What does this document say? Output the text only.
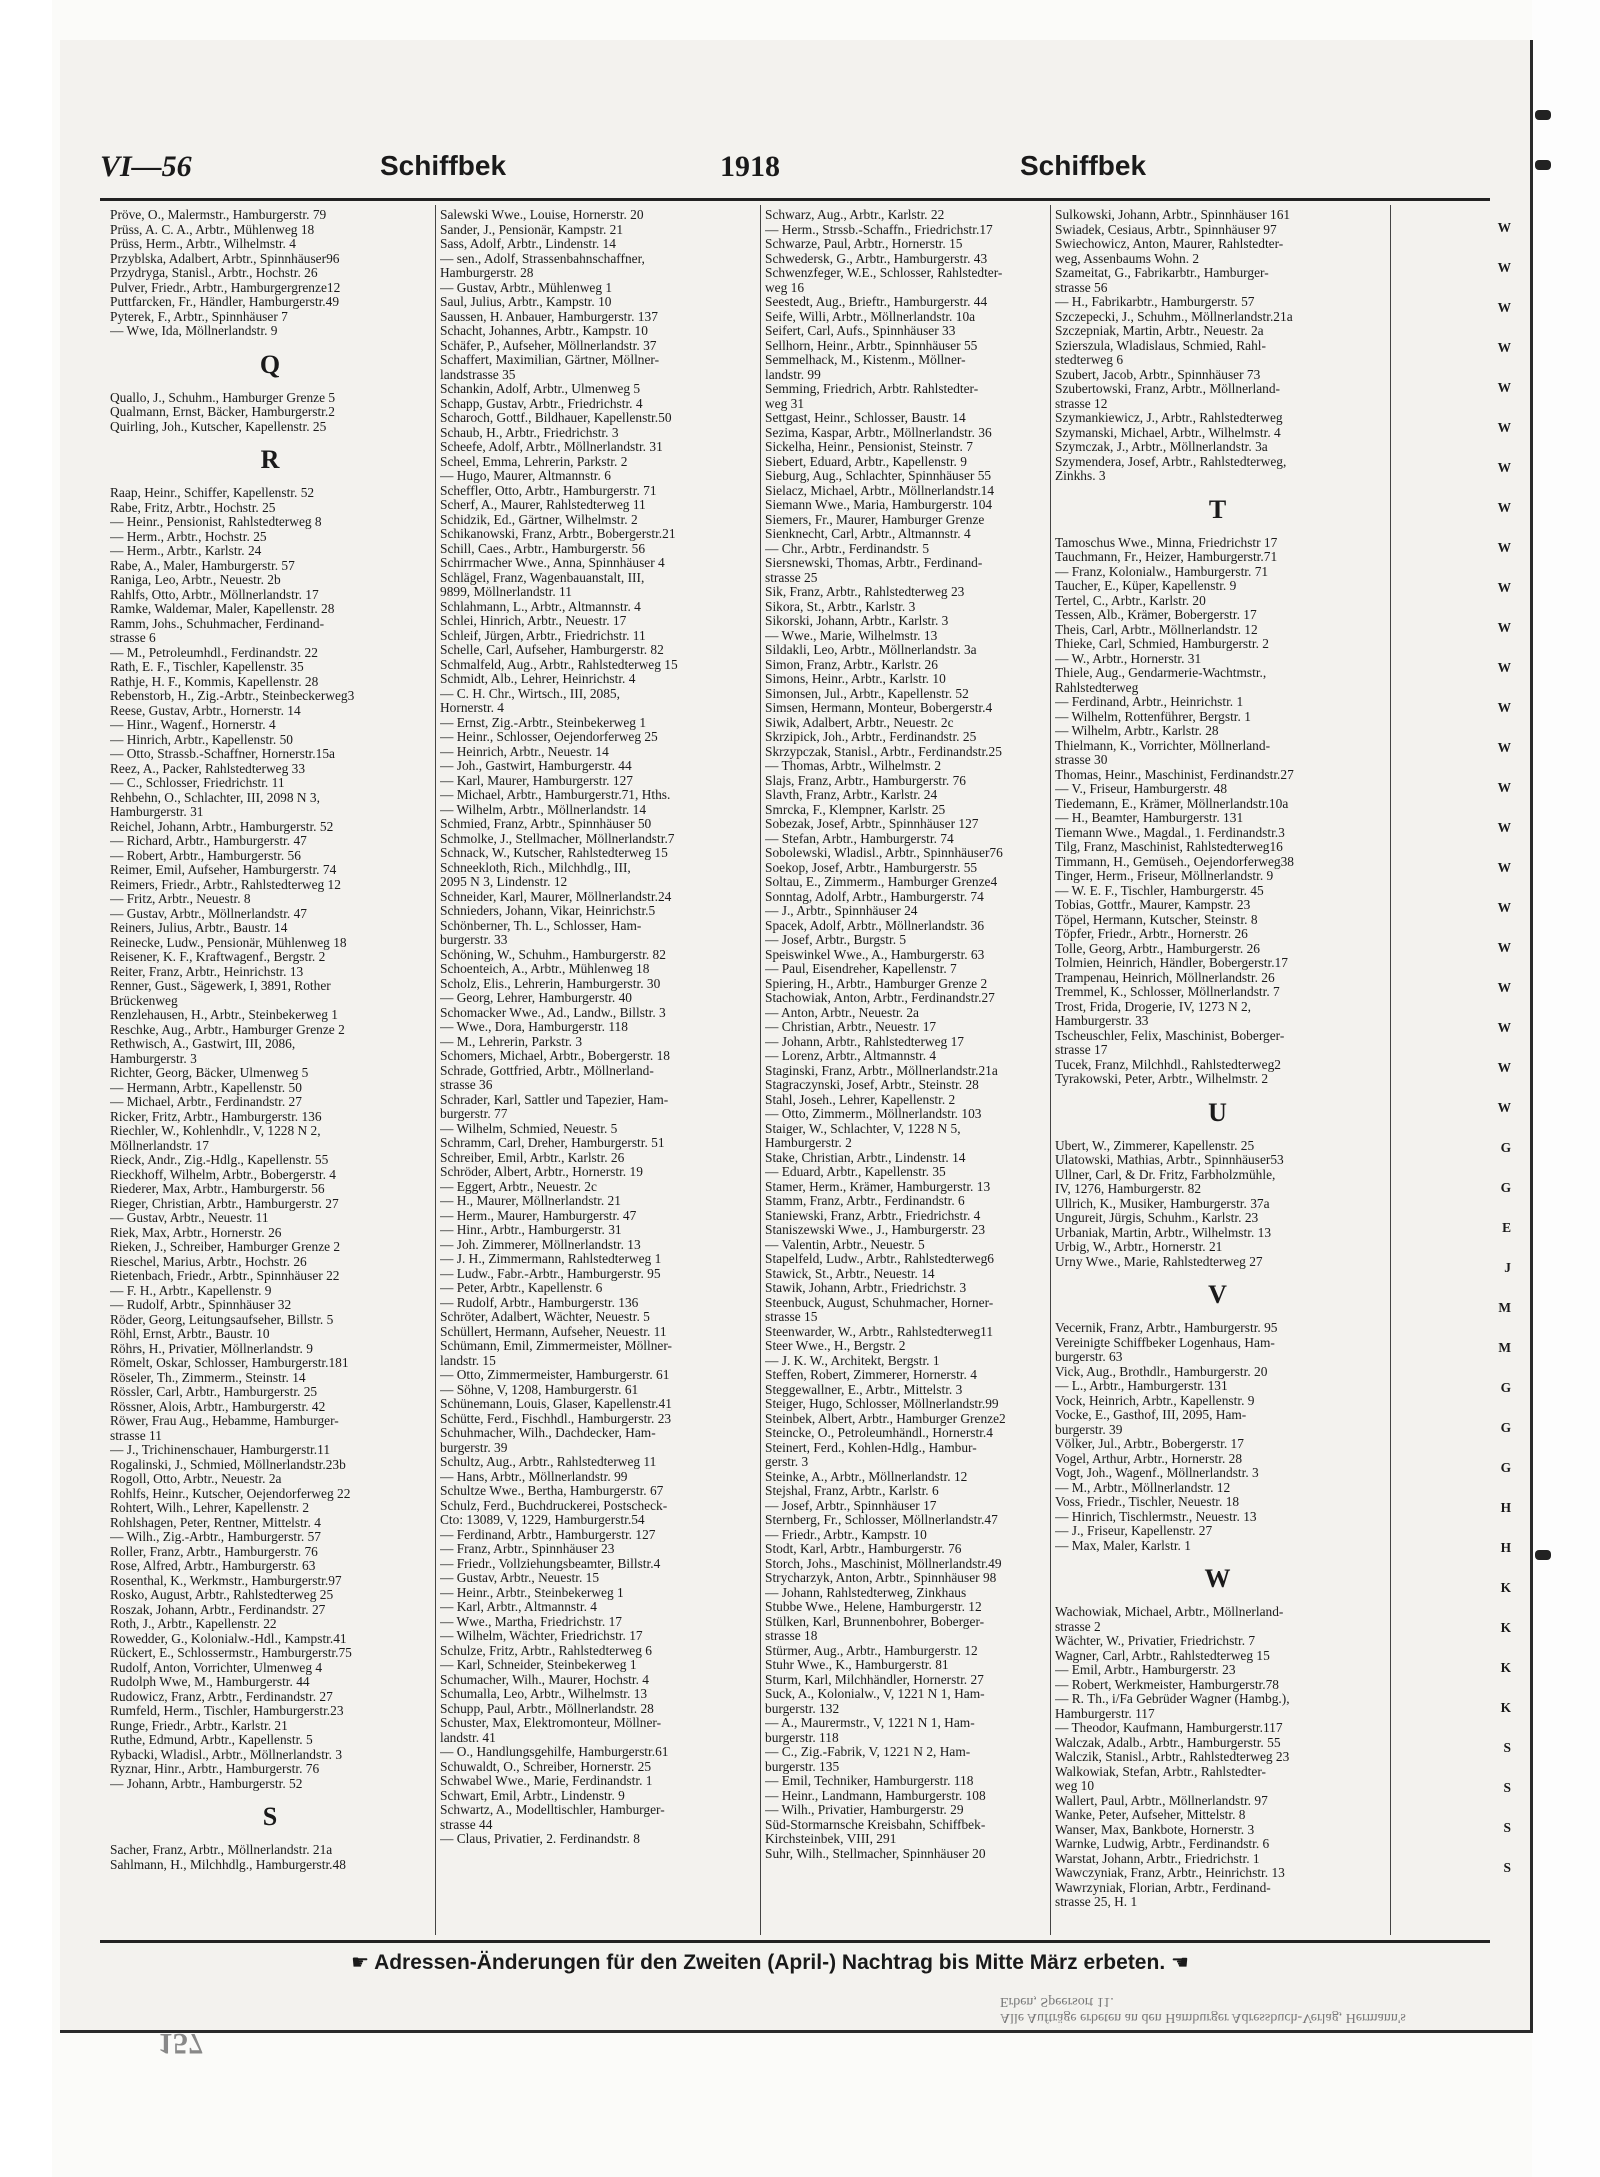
VI—56	Schiffbek	1918	Schiffbek
Pröve, O., Malermstr., Hamburgerstr. 79
Prüss, A. C. A., Arbtr., Mühlenweg 18
Prüss, Herm., Arbtr., Wilhelmstr. 4
Przyblska, Adalbert, Arbtr., Spinnhäuser96
Przydryga, Stanisl., Arbtr., Hochstr. 26
Pulver, Friedr., Arbtr., Hamburgergrenze12
Puttfarcken, Fr., Händler, Hamburgerstr.49
Pyterek, F., Arbtr., Spinnhäuser 7
— Wwe, Ida, Möllnerlandstr. 9
Q
Quallo, J., Schuhm., Hamburger Grenze 5
Qualmann, Ernst, Bäcker, Hamburgerstr.2
Quirling, Joh., Kutscher, Kapellenstr. 25
R
Raap, Heinr., Schiffer, Kapellenstr. 52
Rabe, Fritz, Arbtr., Hochstr. 25
— Heinr., Pensionist, Rahlstedterweg 8
— Herm., Arbtr., Hochstr. 25
— Herm., Arbtr., Karlstr. 24
Rabe, A., Maler, Hamburgerstr. 57
Raniga, Leo, Arbtr., Neuestr. 2b
Rahlfs, Otto, Arbtr., Möllnerlandstr. 17
Ramke, Waldemar, Maler, Kapellenstr. 28
Ramm, Johs., Schuhmacher, Ferdinand-
strasse 6
— M., Petroleumhdl., Ferdinandstr. 22
Rath, E. F., Tischler, Kapellenstr. 35
Rathje, H. F., Kommis, Kapellenstr. 28
Rebenstorb, H., Zig.-Arbtr., Steinbeckerweg3
Reese, Gustav, Arbtr., Hornerstr. 14
— Hinr., Wagenf., Hornerstr. 4
— Hinrich, Arbtr., Kapellenstr. 50
— Otto, Strassb.-Schaffner, Hornerstr.15a
Reez, A., Packer, Rahlstedterweg 33
— C., Schlosser, Friedrichstr. 11
Rehbehn, O., Schlachter, III, 2098 N 3,
Hamburgerstr. 31
Reichel, Johann, Arbtr., Hamburgerstr. 52
— Richard, Arbtr., Hamburgerstr. 47
— Robert, Arbtr., Hamburgerstr. 56
Reimer, Emil, Aufseher, Hamburgerstr. 74
Reimers, Friedr., Arbtr., Rahlstedterweg 12
— Fritz, Arbtr., Neuestr. 8
— Gustav, Arbtr., Möllnerlandstr. 47
Reiners, Julius, Arbtr., Baustr. 14
Reinecke, Ludw., Pensionär, Mühlenweg 18
Reisener, K. F., Kraftwagenf., Bergstr. 2
Reiter, Franz, Arbtr., Heinrichstr. 13
Renner, Gust., Sägewerk, I, 3891, Rother
Brückenweg
Renzlehausen, H., Arbtr., Steinbekerweg 1
Reschke, Aug., Arbtr., Hamburger Grenze 2
Rethwisch, A., Gastwirt, III, 2086,
Hamburgerstr. 3
Richter, Georg, Bäcker, Ulmenweg 5
— Hermann, Arbtr., Kapellenstr. 50
— Michael, Arbtr., Ferdinandstr. 27
Ricker, Fritz, Arbtr., Hamburgerstr. 136
Riechler, W., Kohlenhdlr., V, 1228 N 2,
Möllnerlandstr. 17
Rieck, Andr., Zig.-Hdlg., Kapellenstr. 55
Rieckhoff, Wilhelm, Arbtr., Bobergerstr. 4
Riederer, Max, Arbtr., Hamburgerstr. 56
Rieger, Christian, Arbtr., Hamburgerstr. 27
— Gustav, Arbtr., Neuestr. 11
Riek, Max, Arbtr., Hornerstr. 26
Rieken, J., Schreiber, Hamburger Grenze 2
Rieschel, Marius, Arbtr., Hochstr. 26
Rietenbach, Friedr., Arbtr., Spinnhäuser 22
— F. H., Arbtr., Kapellenstr. 9
— Rudolf, Arbtr., Spinnhäuser 32
Röder, Georg, Leitungsaufseher, Billstr. 5
Röhl, Ernst, Arbtr., Baustr. 10
Röhrs, H., Privatier, Möllnerlandstr. 9
Römelt, Oskar, Schlosser, Hamburgerstr.181
Röseler, Th., Zimmerm., Steinstr. 14
Rössler, Carl, Arbtr., Hamburgerstr. 25
Rössner, Alois, Arbtr., Hamburgerstr. 42
Röwer, Frau Aug., Hebamme, Hamburger-
strasse 11
— J., Trichinenschauer, Hamburgerstr.11
Rogalinski, J., Schmied, Möllnerlandstr.23b
Rogoll, Otto, Arbtr., Neuestr. 2a
Rohlfs, Heinr., Kutscher, Oejendorferweg 22
Rohtert, Wilh., Lehrer, Kapellenstr. 2
Rohlshagen, Peter, Rentner, Mittelstr. 4
— Wilh., Zig.-Arbtr., Hamburgerstr. 57
Roller, Franz, Arbtr., Hamburgerstr. 76
Rose, Alfred, Arbtr., Hamburgerstr. 63
Rosenthal, K., Werkmstr., Hamburgerstr.97
Rosko, August, Arbtr., Rahlstedterweg 25
Roszak, Johann, Arbtr., Ferdinandstr. 27
Roth, J., Arbtr., Kapellenstr. 22
Rowedder, G., Kolonialw.-Hdl., Kampstr.41
Rückert, E., Schlossermstr., Hamburgerstr.75
Rudolf, Anton, Vorrichter, Ulmenweg 4
Rudolph Wwe, M., Hamburgerstr. 44
Rudowicz, Franz, Arbtr., Ferdinandstr. 27
Rumfeld, Herm., Tischler, Hamburgerstr.23
Runge, Friedr., Arbtr., Karlstr. 21
Ruthe, Edmund, Arbtr., Kapellenstr. 5
Rybacki, Wladisl., Arbtr., Möllnerlandstr. 3
Ryznar, Hinr., Arbtr., Hamburgerstr. 76
— Johann, Arbtr., Hamburgerstr. 52
S
Sacher, Franz, Arbtr., Möllnerlandstr. 21a
Sahlmann, H., Milchhdlg., Hamburgerstr.48
Salewski Wwe., Louise, Hornerstr. 20
Sander, J., Pensionär, Kampstr. 21
Sass, Adolf, Arbtr., Lindenstr. 14
— sen., Adolf, Strassenbahnschaffner,
Hamburgerstr. 28
— Gustav, Arbtr., Mühlenweg 1
Saul, Julius, Arbtr., Kampstr. 10
Saussen, H. Anbauer, Hamburgerstr. 137
Schacht, Johannes, Arbtr., Kampstr. 10
Schäfer, P., Aufseher, Möllnerlandstr. 37
Schaffert, Maximilian, Gärtner, Möllner-
landstrasse 35
Schankin, Adolf, Arbtr., Ulmenweg 5
Schapp, Gustav, Arbtr., Friedrichstr. 4
Scharoch, Gottf., Bildhauer, Kapellenstr.50
Schaub, H., Arbtr., Friedrichstr. 3
Scheefe, Adolf, Arbtr., Möllnerlandstr. 31
Scheel, Emma, Lehrerin, Parkstr. 2
— Hugo, Maurer, Altmannstr. 6
Scheffler, Otto, Arbtr., Hamburgerstr. 71
Scherf, A., Maurer, Rahlstedterweg 11
Schidzik, Ed., Gärtner, Wilhelmstr. 2
Schikanowski, Franz, Arbtr., Bobergerstr.21
Schill, Caes., Arbtr., Hamburgerstr. 56
Schirrmacher Wwe., Anna, Spinnhäuser 4
Schlägel, Franz, Wagenbauanstalt, III,
9899, Möllnerlandstr. 11
Schlahmann, L., Arbtr., Altmannstr. 4
Schlei, Hinrich, Arbtr., Neuestr. 17
Schleif, Jürgen, Arbtr., Friedrichstr. 11
Schelle, Carl, Aufseher, Hamburgerstr. 82
Schmalfeld, Aug., Arbtr., Rahlstedterweg 15
Schmidt, Alb., Lehrer, Heinrichstr. 4
— C. H. Chr., Wirtsch., III, 2085,
Hornerstr. 4
— Ernst, Zig.-Arbtr., Steinbekerweg 1
— Heinr., Schlosser, Oejendorferweg 25
— Heinrich, Arbtr., Neuestr. 14
— Joh., Gastwirt, Hamburgerstr. 44
— Karl, Maurer, Hamburgerstr. 127
— Michael, Arbtr., Hamburgerstr.71, Hths.
— Wilhelm, Arbtr., Möllnerlandstr. 14
Schmied, Franz, Arbtr., Spinnhäuser 50
Schmolke, J., Stellmacher, Möllnerlandstr.7
Schnack, W., Kutscher, Rahlstedterweg 15
Schneekloth, Rich., Milchhdlg., III,
2095 N 3, Lindenstr. 12
Schneider, Karl, Maurer, Möllnerlandstr.24
Schnieders, Johann, Vikar, Heinrichstr.5
Schönberner, Th. L., Schlosser, Ham-
burgerstr. 33
Schöning, W., Schuhm., Hamburgerstr. 82
Schoenteich, A., Arbtr., Mühlenweg 18
Scholz, Elis., Lehrerin, Hamburgerstr. 30
— Georg, Lehrer, Hamburgerstr. 40
Schomacker Wwe., Ad., Landw., Billstr. 3
— Wwe., Dora, Hamburgerstr. 118
— M., Lehrerin, Parkstr. 3
Schomers, Michael, Arbtr., Bobergerstr. 18
Schrade, Gottfried, Arbtr., Möllnerland-
strasse 36
Schrader, Karl, Sattler und Tapezier, Ham-
burgerstr. 77
— Wilhelm, Schmied, Neuestr. 5
Schramm, Carl, Dreher, Hamburgerstr. 51
Schreiber, Emil, Arbtr., Karlstr. 26
Schröder, Albert, Arbtr., Hornerstr. 19
— Eggert, Arbtr., Neuestr. 2c
— H., Maurer, Möllnerlandstr. 21
— Herm., Maurer, Hamburgerstr. 47
— Hinr., Arbtr., Hamburgerstr. 31
— Joh. Zimmerer, Möllnerlandstr. 13
— J. H., Zimmermann, Rahlstedterweg 1
— Ludw., Fabr.-Arbtr., Hamburgerstr. 95
— Peter, Arbtr., Kapellenstr. 6
— Rudolf, Arbtr., Hamburgerstr. 136
Schröter, Adalbert, Wächter, Neuestr. 5
Schüllert, Hermann, Aufseher, Neuestr. 11
Schümann, Emil, Zimmermeister, Möllner-
landstr. 15
— Otto, Zimmermeister, Hamburgerstr. 61
— Söhne, V, 1208, Hamburgerstr. 61
Schünemann, Louis, Glaser, Kapellenstr.41
Schütte, Ferd., Fischhdl., Hamburgerstr. 23
Schuhmacher, Wilh., Dachdecker, Ham-
burgerstr. 39
Schultz, Aug., Arbtr., Rahlstedterweg 11
— Hans, Arbtr., Möllnerlandstr. 99
Schultze Wwe., Bertha, Hamburgerstr. 67
Schulz, Ferd., Buchdruckerei, Postscheck-
Cto: 13089, V, 1229, Hamburgerstr.54
— Ferdinand, Arbtr., Hamburgerstr. 127
— Franz, Arbtr., Spinnhäuser 23
— Friedr., Vollziehungsbeamter, Billstr.4
— Gustav, Arbtr., Neuestr. 15
— Heinr., Arbtr., Steinbekerweg 1
— Karl, Arbtr., Altmannstr. 4
— Wwe., Martha, Friedrichstr. 17
— Wilhelm, Wächter, Friedrichstr. 17
Schulze, Fritz, Arbtr., Rahlstedterweg 6
— Karl, Schneider, Steinbekerweg 1
Schumacher, Wilh., Maurer, Hochstr. 4
Schumalla, Leo, Arbtr., Wilhelmstr. 13
Schupp, Paul, Arbtr., Möllnerlandstr. 28
Schuster, Max, Elektromonteur, Möllner-
landstr. 41
— O., Handlungsgehilfe, Hamburgerstr.61
Schuwaldt, O., Schreiber, Hornerstr. 25
Schwabel Wwe., Marie, Ferdinandstr. 1
Schwart, Emil, Arbtr., Lindenstr. 9
Schwartz, A., Modelltischler, Hamburger-
strasse 44
— Claus, Privatier, 2. Ferdinandstr. 8
Schwarz, Aug., Arbtr., Karlstr. 22
— Herm., Strssb.-Schaffn., Friedrichstr.17
Schwarze, Paul, Arbtr., Hornerstr. 15
Schwedersk, G., Arbtr., Hamburgerstr. 43
Schwenzfeger, W.E., Schlosser, Rahlstedter-
weg 16
Seestedt, Aug., Brieftr., Hamburgerstr. 44
Seife, Willi, Arbtr., Möllnerlandstr. 10a
Seifert, Carl, Aufs., Spinnhäuser 33
Sellhorn, Heinr., Arbtr., Spinnhäuser 55
Semmelhack, M., Kistenm., Möllner-
landstr. 99
Semming, Friedrich, Arbtr. Rahlstedter-
weg 31
Settgast, Heinr., Schlosser, Baustr. 14
Sezima, Kaspar, Arbtr., Möllnerlandstr. 36
Sickelha, Heinr., Pensionist, Steinstr. 7
Siebert, Eduard, Arbtr., Kapellenstr. 9
Sieburg, Aug., Schlachter, Spinnhäuser 55
Sielacz, Michael, Arbtr., Möllnerlandstr.14
Siemann Wwe., Maria, Hamburgerstr. 104
Siemers, Fr., Maurer, Hamburger Grenze
Sienknecht, Carl, Arbtr., Altmannstr. 4
— Chr., Arbtr., Ferdinandstr. 5
Siersnewski, Thomas, Arbtr., Ferdinand-
strasse 25
Sik, Franz, Arbtr., Rahlstedterweg 23
Sikora, St., Arbtr., Karlstr. 3
Sikorski, Johann, Arbtr., Karlstr. 3
— Wwe., Marie, Wilhelmstr. 13
Sildakli, Leo, Arbtr., Möllnerlandstr. 3a
Simon, Franz, Arbtr., Karlstr. 26
Simons, Heinr., Arbtr., Karlstr. 10
Simonsen, Jul., Arbtr., Kapellenstr. 52
Simsen, Hermann, Monteur, Bobergerstr.4
Siwik, Adalbert, Arbtr., Neuestr. 2c
Skrzipick, Joh., Arbtr., Ferdinandstr. 25
Skrzypczak, Stanisl., Arbtr., Ferdinandstr.25
— Thomas, Arbtr., Wilhelmstr. 2
Slajs, Franz, Arbtr., Hamburgerstr. 76
Slavth, Franz, Arbtr., Karlstr. 24
Smrcka, F., Klempner, Karlstr. 25
Sobezak, Josef, Arbtr., Spinnhäuser 127
— Stefan, Arbtr., Hamburgerstr. 74
Sobolewski, Wladisl., Arbtr., Spinnhäuser76
Soekop, Josef, Arbtr., Hamburgerstr. 55
Soltau, E., Zimmerm., Hamburger Grenze4
Sonntag, Adolf, Arbtr., Hamburgerstr. 74
— J., Arbtr., Spinnhäuser 24
Spacek, Adolf, Arbtr., Möllnerlandstr. 36
— Josef, Arbtr., Burgstr. 5
Speiswinkel Wwe., A., Hamburgerstr. 63
— Paul, Eisendreher, Kapellenstr. 7
Spiering, H., Arbtr., Hamburger Grenze 2
Stachowiak, Anton, Arbtr., Ferdinandstr.27
— Anton, Arbtr., Neuestr. 2a
— Christian, Arbtr., Neuestr. 17
— Johann, Arbtr., Rahlstedterweg 17
— Lorenz, Arbtr., Altmannstr. 4
Staginski, Franz, Arbtr., Möllnerlandstr.21a
Stagraczynski, Josef, Arbtr., Steinstr. 28
Stahl, Joseh., Lehrer, Kapellenstr. 2
— Otto, Zimmerm., Möllnerlandstr. 103
Staiger, W., Schlachter, V, 1228 N 5,
Hamburgerstr. 2
Stake, Christian, Arbtr., Lindenstr. 14
— Eduard, Arbtr., Kapellenstr. 35
Stamer, Herm., Krämer, Hamburgerstr. 13
Stamm, Franz, Arbtr., Ferdinandstr. 6
Staniewski, Franz, Arbtr., Friedrichstr. 4
Staniszewski Wwe., J., Hamburgerstr. 23
— Valentin, Arbtr., Neuestr. 5
Stapelfeld, Ludw., Arbtr., Rahlstedterweg6
Stawick, St., Arbtr., Neuestr. 14
Stawik, Johann, Arbtr., Friedrichstr. 3
Steenbuck, August, Schuhmacher, Horner-
strasse 15
Steenwarder, W., Arbtr., Rahlstedterweg11
Steer Wwe., H., Bergstr. 2
— J. K. W., Architekt, Bergstr. 1
Steffen, Robert, Zimmerer, Hornerstr. 4
Steggewallner, E., Arbtr., Mittelstr. 3
Steiger, Hugo, Schlosser, Möllnerlandstr.99
Steinbek, Albert, Arbtr., Hamburger Grenze2
Steincke, O., Petroleumhändl., Hornerstr.4
Steinert, Ferd., Kohlen-Hdlg., Hambur-
gerstr. 3
Steinke, A., Arbtr., Möllnerlandstr. 12
Stejshal, Franz, Arbtr., Karlstr. 6
— Josef, Arbtr., Spinnhäuser 17
Sternberg, Fr., Schlosser, Möllnerlandstr.47
— Friedr., Arbtr., Kampstr. 10
Stodt, Karl, Arbtr., Hamburgerstr. 76
Storch, Johs., Maschinist, Möllnerlandstr.49
Strycharzyk, Anton, Arbtr., Spinnhäuser 98
— Johann, Rahlstedterweg, Zinkhaus
Stubbe Wwe., Helene, Hamburgerstr. 12
Stülken, Karl, Brunnenbohrer, Boberger-
strasse 18
Stürmer, Aug., Arbtr., Hamburgerstr. 12
Stuhr Wwe., K., Hamburgerstr. 81
Sturm, Karl, Milchhändler, Hornerstr. 27
Suck, A., Kolonialw., V, 1221 N 1, Ham-
burgerstr. 132
— A., Maurermstr., V, 1221 N 1, Ham-
burgerstr. 118
— C., Zig.-Fabrik, V, 1221 N 2, Ham-
burgerstr. 135
— Emil, Techniker, Hamburgerstr. 118
— Heinr., Landmann, Hamburgerstr. 108
— Wilh., Privatier, Hamburgerstr. 29
Süd-Stormarnsche Kreisbahn, Schiffbek-
Kirchsteinbek, VIII, 291
Suhr, Wilh., Stellmacher, Spinnhäuser 20
Sulkowski, Johann, Arbtr., Spinnhäuser 161
Swiadek, Cesiaus, Arbtr., Spinnhäuser 97
Swiechowicz, Anton, Maurer, Rahlstedter-
weg, Assenbaums Wohn. 2
Szameitat, G., Fabrikarbtr., Hamburger-
strasse 56
— H., Fabrikarbtr., Hamburgerstr. 57
Szczepecki, J., Schuhm., Möllnerlandstr.21a
Szczepniak, Martin, Arbtr., Neuestr. 2a
Szierszula, Wladislaus, Schmied, Rahl-
stedterweg 6
Szubert, Jacob, Arbtr., Spinnhäuser 73
Szubertowski, Franz, Arbtr., Möllnerland-
strasse 12
Szymankiewicz, J., Arbtr., Rahlstedterweg
Szymanski, Michael, Arbtr., Wilhelmstr. 4
Szymczak, J., Arbtr., Möllnerlandstr. 3a
Szymendera, Josef, Arbtr., Rahlstedterweg,
Zinkhs. 3
T
Tamoschus Wwe., Minna, Friedrichstr 17
Tauchmann, Fr., Heizer, Hamburgerstr.71
— Franz, Kolonialw., Hamburgerstr. 71
Taucher, E., Küper, Kapellenstr. 9
Tertel, C., Arbtr., Karlstr. 20
Tessen, Alb., Krämer, Bobergerstr. 17
Theis, Carl, Arbtr., Möllnerlandstr. 12
Thieke, Carl, Schmied, Hamburgerstr. 2
— W., Arbtr., Hornerstr. 31
Thiele, Aug., Gendarmerie-Wachtmstr.,
Rahlstedterweg
— Ferdinand, Arbtr., Heinrichstr. 1
— Wilhelm, Rottenführer, Bergstr. 1
— Wilhelm, Arbtr., Karlstr. 28
Thielmann, K., Vorrichter, Möllnerland-
strasse 30
Thomas, Heinr., Maschinist, Ferdinandstr.27
— V., Friseur, Hamburgerstr. 48
Tiedemann, E., Krämer, Möllnerlandstr.10a
— H., Beamter, Hamburgerstr. 131
Tiemann Wwe., Magdal., 1. Ferdinandstr.3
Tilg, Franz, Maschinist, Rahlstedterweg16
Timmann, H., Gemüseh., Oejendorferweg38
Tinger, Herm., Friseur, Möllnerlandstr. 9
— W. E. F., Tischler, Hamburgerstr. 45
Tobias, Gottfr., Maurer, Kampstr. 23
Töpel, Hermann, Kutscher, Steinstr. 8
Töpfer, Friedr., Arbtr., Hornerstr. 26
Tolle, Georg, Arbtr., Hamburgerstr. 26
Tolmien, Heinrich, Händler, Bobergerstr.17
Trampenau, Heinrich, Möllnerlandstr. 26
Tremmel, K., Schlosser, Möllnerlandstr. 7
Trost, Frida, Drogerie, IV, 1273 N 2,
Hamburgerstr. 33
Tscheuschler, Felix, Maschinist, Boberger-
strasse 17
Tucek, Franz, Milchhdl., Rahlstedterweg2
Tyrakowski, Peter, Arbtr., Wilhelmstr. 2
U
Ubert, W., Zimmerer, Kapellenstr. 25
Ulatowski, Mathias, Arbtr., Spinnhäuser53
Ullner, Carl, & Dr. Fritz, Farbholzmühle,
IV, 1276, Hamburgerstr. 82
Ullrich, K., Musiker, Hamburgerstr. 37a
Ungureit, Jürgis, Schuhm., Karlstr. 23
Urbaniak, Martin, Arbtr., Wilhelmstr. 13
Urbig, W., Arbtr., Hornerstr. 21
Urny Wwe., Marie, Rahlstedterweg 27
V
Vecernik, Franz, Arbtr., Hamburgerstr. 95
Vereinigte Schiffbeker Logenhaus, Ham-
burgerstr. 63
Vick, Aug., Brothdlr., Hamburgerstr. 20
— L., Arbtr., Hamburgerstr. 131
Vock, Heinrich, Arbtr., Kapellenstr. 9
Vocke, E., Gasthof, III, 2095, Ham-
burgerstr. 39
Völker, Jul., Arbtr., Bobergerstr. 17
Vogel, Arthur, Arbtr., Hornerstr. 28
Vogt, Joh., Wagenf., Möllnerlandstr. 3
— M., Arbtr., Möllnerlandstr. 12
Voss, Friedr., Tischler, Neuestr. 18
— Hinrich, Tischlermstr., Neuestr. 13
— J., Friseur, Kapellenstr. 27
— Max, Maler, Karlstr. 1
W
Wachowiak, Michael, Arbtr., Möllnerland-
strasse 2
Wächter, W., Privatier, Friedrichstr. 7
Wagner, Carl, Arbtr., Rahlstedterweg 15
— Emil, Arbtr., Hamburgerstr. 23
— Robert, Werkmeister, Hamburgerstr.78
— R. Th., i/Fa Gebrüder Wagner (Hambg.),
Hamburgerstr. 117
— Theodor, Kaufmann, Hamburgerstr.117
Walczak, Adalb., Arbtr., Hamburgerstr. 55
Walczik, Stanisl., Arbtr., Rahlstedterweg 23
Walkowiak, Stefan, Arbtr., Rahlstedter-
weg 10
Wallert, Paul, Arbtr., Möllnerlandstr. 97
Wanke, Peter, Aufseher, Mittelstr. 8
Wanser, Max, Bankbote, Hornerstr. 3
Warnke, Ludwig, Arbtr., Ferdinandstr. 6
Warstat, Johann, Arbtr., Friedrichstr. 1
Wawczyniak, Franz, Arbtr., Heinrichstr. 13
Wawrzyniak, Florian, Arbtr., Ferdinand-
strasse 25, H. 1
W
W
W
W
W
W
W
W
W
W
W
W
W
W
W
W
W
W
W
W
W
W
W
G
G
E
J
M
M
G
G
G
H
H
K
K
K
K
S
S
S
S
☛ Adressen-Änderungen für den Zweiten (April-) Nachtrag bis Mitte März erbeten. ☚
Alle Aufträge erbeten an den Hamburger Adressbuch-Verlag, Hermann's Erben, Speersort 11.
157
